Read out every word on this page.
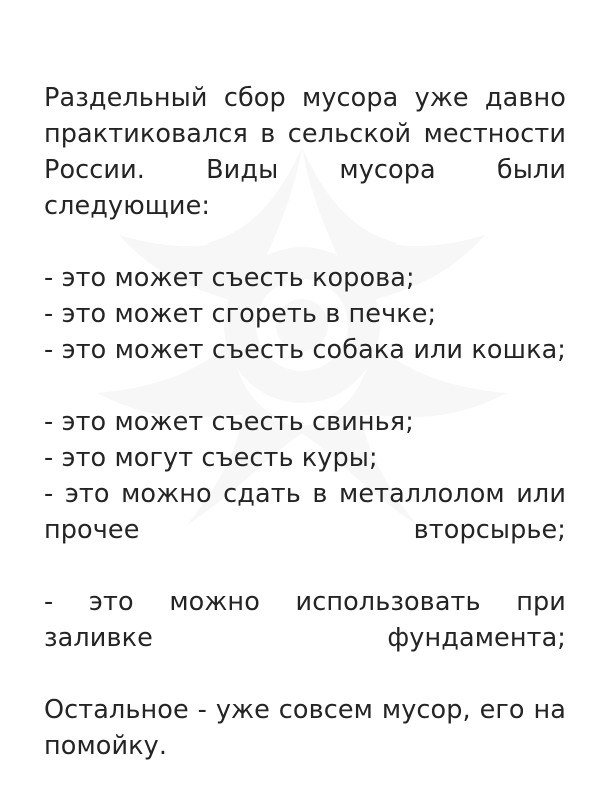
Раздельный сбор мусора уже давно практиковался в сельской местности России. Виды мусора были следующие:

- это может съесть корова;

- это может сгореть в печке;

- это может съесть собака или кошка;

- это может съесть свинья;

- это могут съесть куры;

- это можно сдать в металлолом или прочее вторсырье;

- это можно использовать при заливке фундамента;

Остальное - уже совсем мусор, его на помойку.
